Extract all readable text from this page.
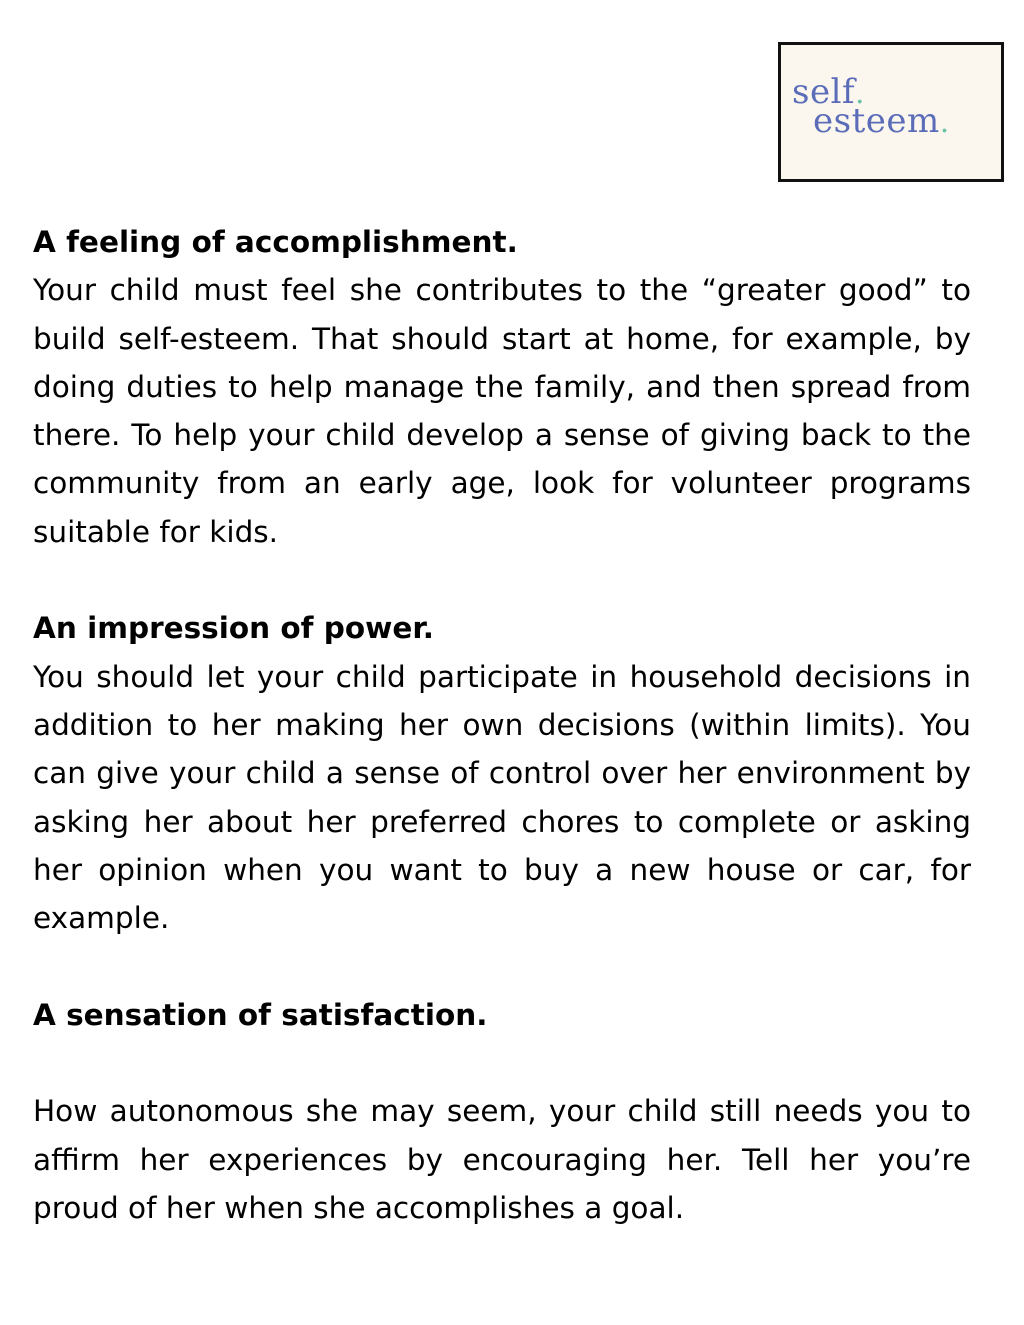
self.
esteem.

A feeling of accomplishment.

Your child must feel she contributes to the “greater good” to build self-esteem. That should start at home, for example, by doing duties to help manage the family, and then spread from there. To help your child develop a sense of giving back to the community from an early age, look for volunteer programs suitable for kids.

An impression of power.

You should let your child participate in household decisions in addition to her making her own decisions (within limits). You can give your child a sense of control over her environment by asking her about her preferred chores to complete or asking her opinion when you want to buy a new house or car, for example.

A sensation of satisfaction.

How autonomous she may seem, your child still needs you to affirm her experiences by encouraging her. Tell her you’re proud of her when she accomplishes a goal.
